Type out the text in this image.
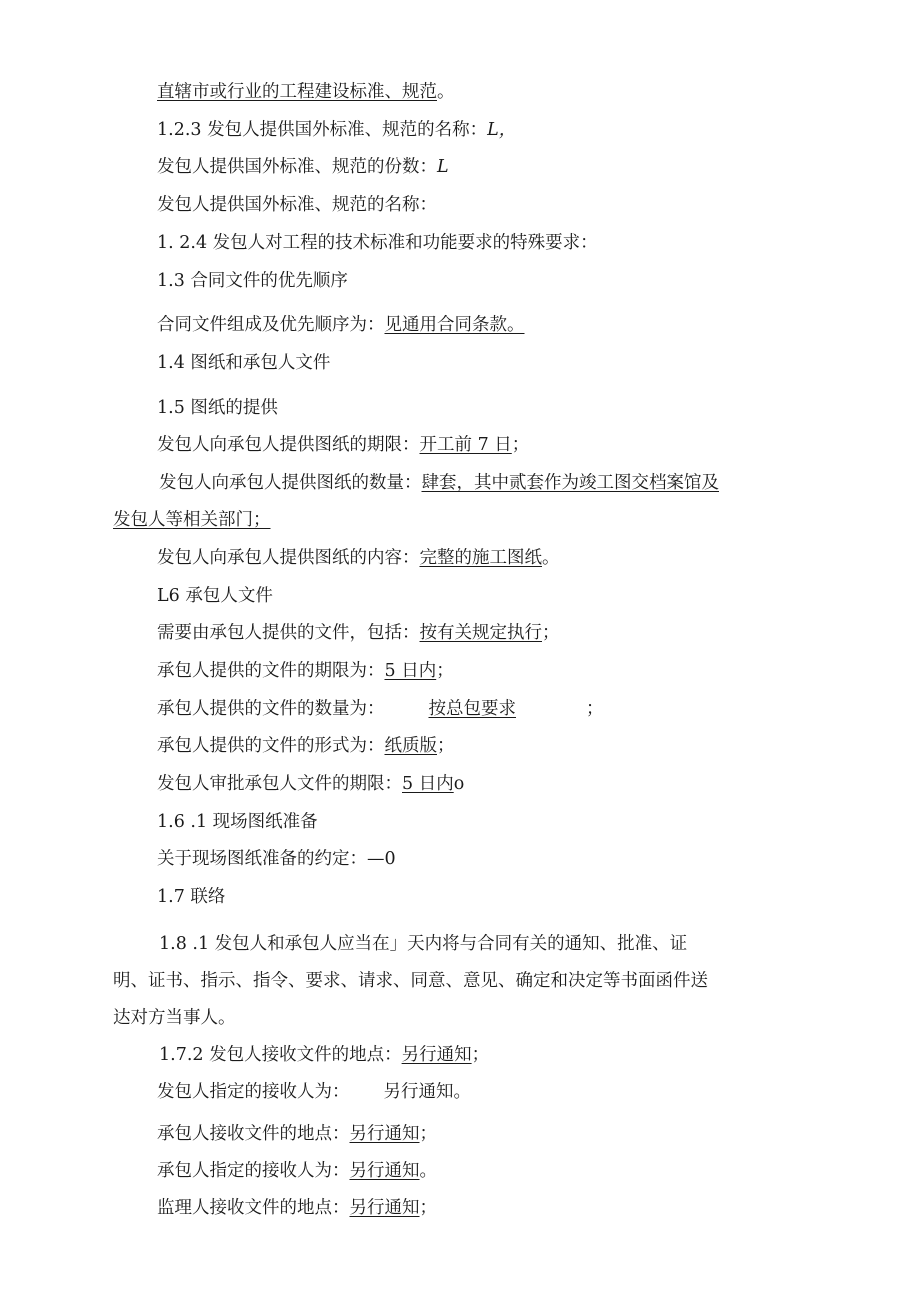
直辖市或行业的工程建设标准、规范。
1.2.3 发包人提供国外标准、规范的名称：L，
发包人提供国外标准、规范的份数：L
发包人提供国外标准、规范的名称：
1. 2.4 发包人对工程的技术标准和功能要求的特殊要求：
1.3 合同文件的优先顺序
合同文件组成及优先顺序为：见通用合同条款。
1.4 图纸和承包人文件
1.5 图纸的提供
发包人向承包人提供图纸的期限：开工前 7 日；
发包人向承包人提供图纸的数量：肆套，其中贰套作为竣工图交档案馆及
发包人等相关部门；
发包人向承包人提供图纸的内容：完整的施工图纸。
L6 承包人文件
需要由承包人提供的文件，包括：按有关规定执行；
承包人提供的文件的期限为：5 日内；
承包人提供的文件的数量为：	按总包要求	；
承包人提供的文件的形式为：纸质版；
发包人审批承包人文件的期限：5 日内o
1.6 .1 现场图纸准备
关于现场图纸准备的约定：—0
1.7 联络
1.8 .1 发包人和承包人应当在」天内将与合同有关的通知、批准、证
明、证书、指示、指令、要求、请求、同意、意见、确定和决定等书面函件送
达对方当事人。
1.7.2 发包人接收文件的地点：另行通知；
发包人指定的接收人为： 另行通知。
承包人接收文件的地点：另行通知；
承包人指定的接收人为：另行通知。
监理人接收文件的地点：另行通知；
